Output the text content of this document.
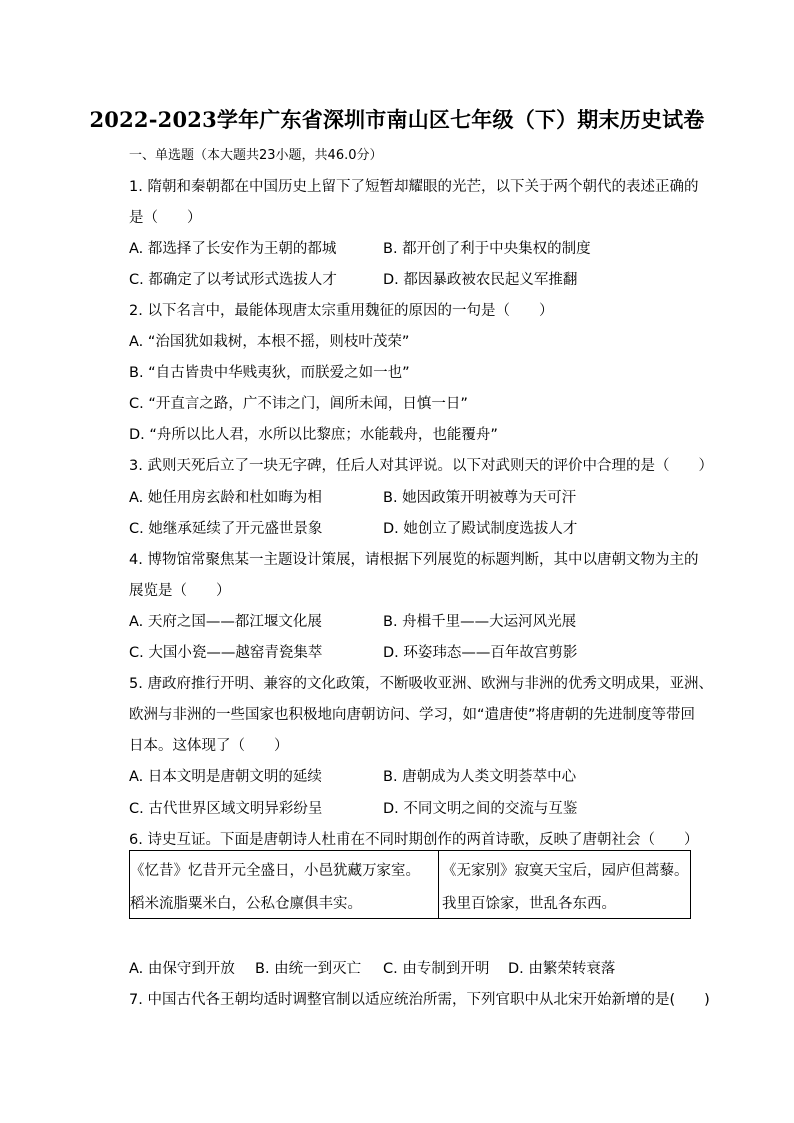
2022-2023学年广东省深圳市南山区七年级（下）期末历史试卷
一、单选题（本大题共23小题，共46.0分）
1. 隋朝和秦朝都在中国历史上留下了短暂却耀眼的光芒，以下关于两个朝代的表述正确的
是（　　）
A. 都选择了长安作为王朝的都城	B. 都开创了利于中央集权的制度
C. 都确定了以考试形式选拔人才	D. 都因暴政被农民起义军推翻
2. 以下名言中，最能体现唐太宗重用魏征的原因的一句是（　　）
A. “治国犹如栽树，本根不摇，则枝叶茂荣”
B. “自古皆贵中华贱夷狄，而朕爱之如一也”
C. “开直言之路，广不讳之门，阊所未闻，日慎一日”
D. “舟所以比人君，水所以比黎庶；水能载舟，也能覆舟”
3. 武则天死后立了一块无字碑，任后人对其评说。以下对武则天的评价中合理的是（　　）
A. 她任用房玄龄和杜如晦为相	B. 她因政策开明被尊为天可汗
C. 她继承延续了开元盛世景象	D. 她创立了殿试制度选拔人才
4. 博物馆常聚焦某一主题设计策展，请根据下列展览的标题判断，其中以唐朝文物为主的
展览是（　　）
A. 天府之国——都江堰文化展	B. 舟楫千里——大运河风光展
C. 大国小瓷——越窑青瓷集萃	D. 环姿玮态——百年故宫剪影
5. 唐政府推行开明、兼容的文化政策，不断吸收亚洲、欧洲与非洲的优秀文明成果，亚洲、
欧洲与非洲的一些国家也积极地向唐朝访问、学习，如“遣唐使”将唐朝的先进制度等带回
日本。这体现了（　　）
A. 日本文明是唐朝文明的延续	B. 唐朝成为人类文明荟萃中心
C. 古代世界区域文明异彩纷呈	D. 不同文明之间的交流与互鉴
6. 诗史互证。下面是唐朝诗人杜甫在不同时期创作的两首诗歌，反映了唐朝社会（　　）
《忆昔》忆昔开元全盛日，小邑犹藏万家室。
稻米流脂粟米白，公私仓廪俱丰实。
《无家别》寂寞天宝后，园庐但蒿藜。
我里百馀家，世乱各东西。
A. 由保守到开放 B. 由统一到灭亡 C. 由专制到开明 D. 由繁荣转衰落
7. 中国古代各王朝均适时调整官制以适应统治所需，下列官职中从北宋开始新增的是(　　)
